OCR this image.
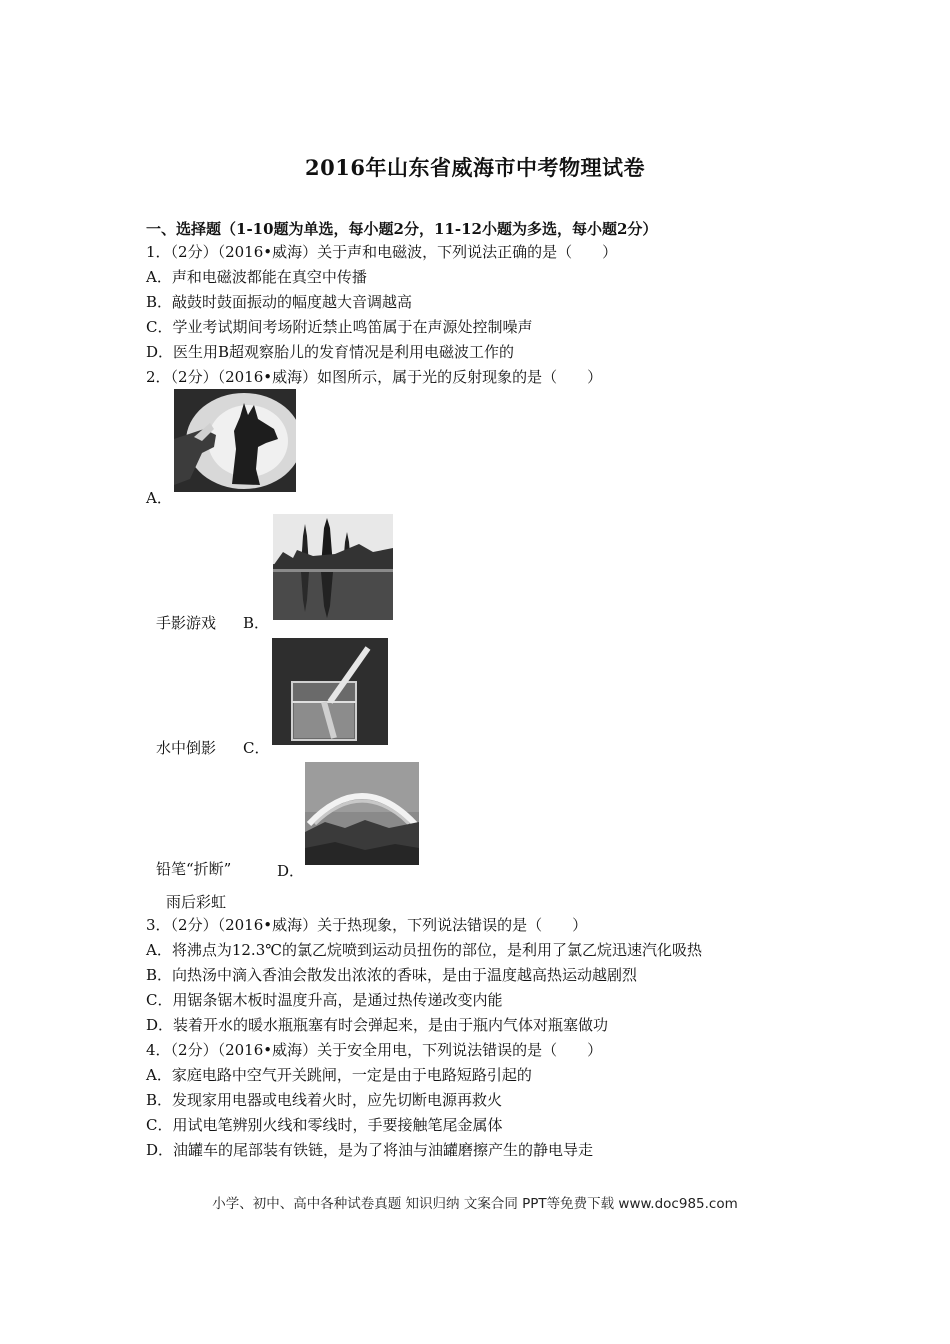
2016年山东省威海市中考物理试卷
一、选择题（1-10题为单选，每小题2分，11-12小题为多选，每小题2分）
1．（2分）（2016•威海）关于声和电磁波，下列说法正确的是（　　）
A．声和电磁波都能在真空中传播
B．敲鼓时鼓面振动的幅度越大音调越高
C．学业考试期间考场附近禁止鸣笛属于在声源处控制噪声
D．医生用B超观察胎儿的发育情况是利用电磁波工作的
2．（2分）（2016•威海）如图所示，属于光的反射现象的是（　　）
A．
手影游戏 B．
水中倒影 C．
铅笔“折断”	D．
雨后彩虹
3．（2分）（2016•威海）关于热现象，下列说法错误的是（　　）
A．将沸点为12.3℃的氯乙烷喷到运动员扭伤的部位，是利用了氯乙烷迅速汽化吸热
B．向热汤中滴入香油会散发出浓浓的香味，是由于温度越高热运动越剧烈
C．用锯条锯木板时温度升高，是通过热传递改变内能
D．装着开水的暖水瓶瓶塞有时会弹起来，是由于瓶内气体对瓶塞做功
4．（2分）（2016•威海）关于安全用电，下列说法错误的是（　　）
A．家庭电路中空气开关跳闸，一定是由于电路短路引起的
B．发现家用电器或电线着火时，应先切断电源再救火
C．用试电笔辨别火线和零线时，手要接触笔尾金属体
D．油罐车的尾部装有铁链，是为了将油与油罐磨擦产生的静电导走
小学、初中、高中各种试卷真题 知识归纳 文案合同 PPT等免费下载 www.doc985.com
